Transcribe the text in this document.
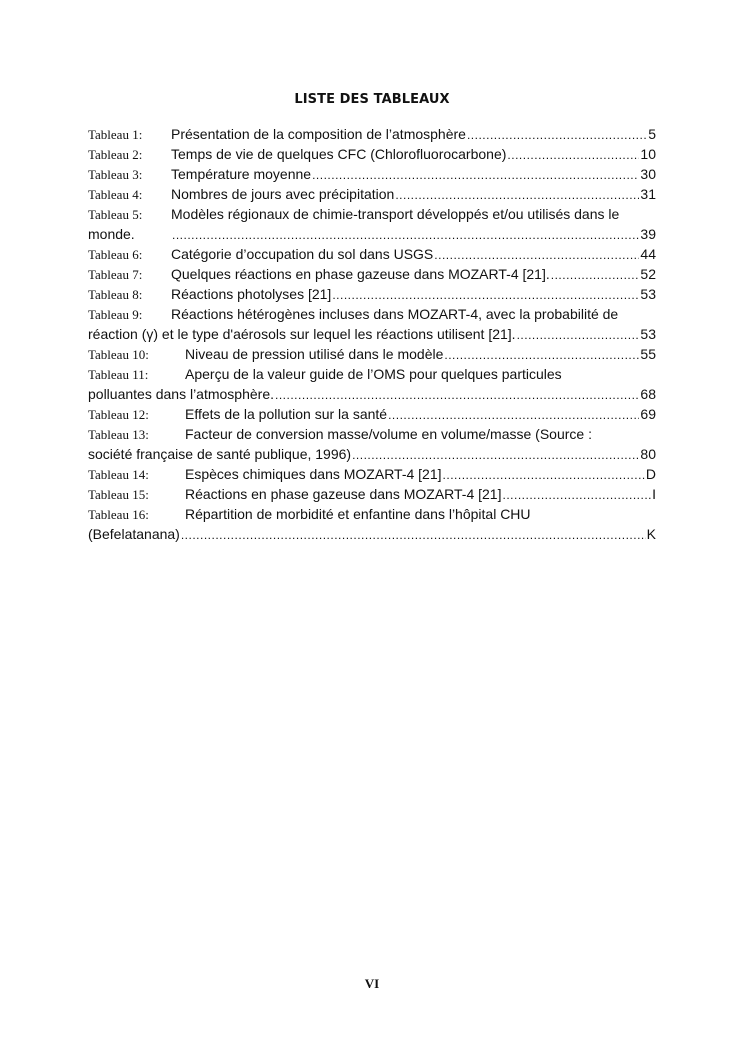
LISTE DES TABLEAUX
Tableau 1:	Présentation de la composition de l’atmosphère .....	5
Tableau 2:	Temps de vie de quelques CFC (Chlorofluorocarbone) .....	10
Tableau 3:	Température moyenne .....	30
Tableau 4:	Nombres de jours avec précipitation .....	31
Tableau 5:	Modèles régionaux de chimie-transport développés et/ou utilisés dans le
monde. .....	39
Tableau 6:	Catégorie d’occupation du sol dans USGS .....	44
Tableau 7:	Quelques réactions en phase gazeuse dans MOZART-4 [21]. .....	52
Tableau 8:	Réactions photolyses [21] .....	53
Tableau 9:	Réactions hétérogènes incluses dans MOZART-4, avec la probabilité de
réaction (γ) et le type d'aérosols sur lequel les réactions utilisent [21]. .....	53
Tableau 10:	Niveau de pression utilisé dans le modèle .....	55
Tableau 11:	Aperçu de la valeur guide de l’OMS pour quelques particules
polluantes dans l’atmosphère. .....	68
Tableau 12:	Effets de la pollution sur la santé .....	69
Tableau 13:	Facteur de conversion masse/volume en volume/masse (Source :
société française de santé publique, 1996) .....	80
Tableau 14:	Espèces chimiques dans MOZART-4 [21] .....	D
Tableau 15:	Réactions en phase gazeuse dans MOZART-4 [21] .....	I
Tableau 16:	Répartition de morbidité et enfantine dans l’hôpital CHU
(Befelatanana) .....	K
VI
